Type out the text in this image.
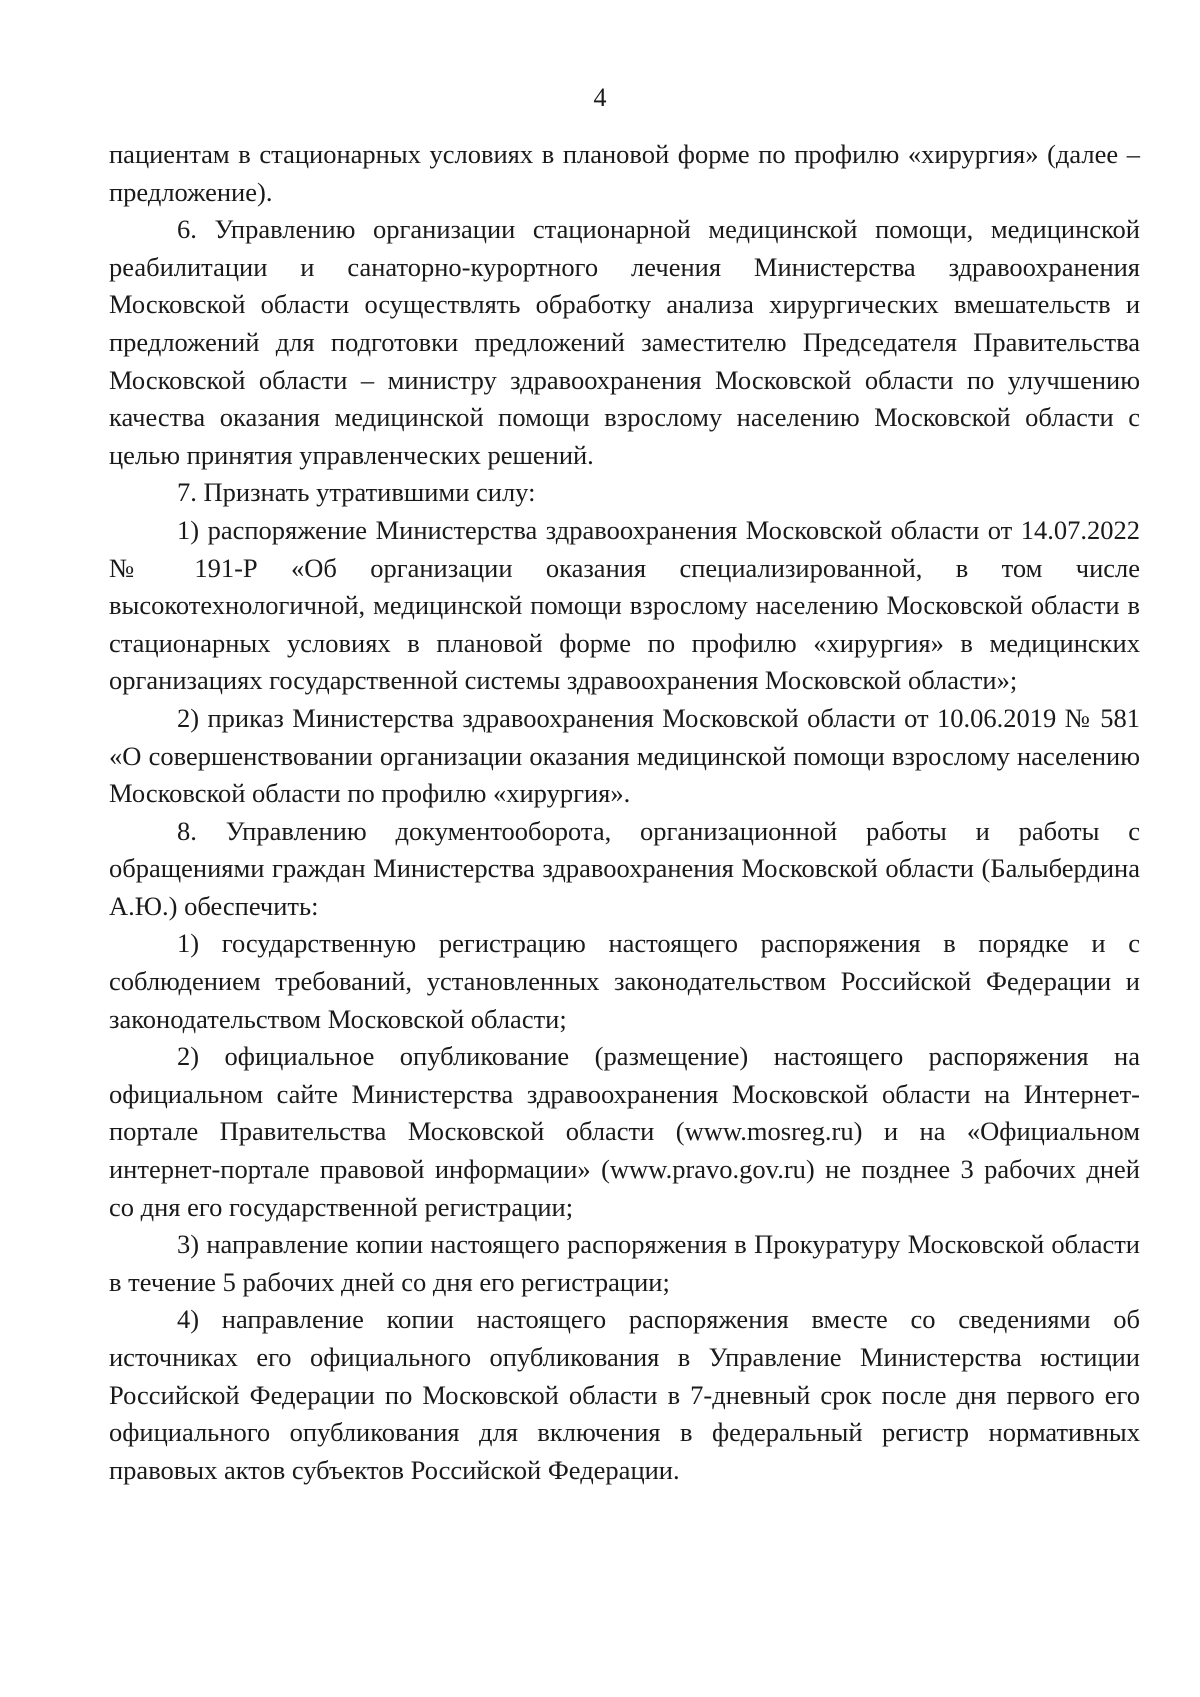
4

пациентам в стационарных условиях в плановой форме по профилю «хирургия» (далее – предложение).

6. Управлению организации стационарной медицинской помощи, медицинской реабилитации и санаторно-курортного лечения Министерства здравоохранения Московской области осуществлять обработку анализа хирургических вмешательств и предложений для подготовки предложений заместителю Председателя Правительства Московской области – министру здравоохранения Московской области по улучшению качества оказания медицинской помощи взрослому населению Московской области с целью принятия управленческих решений.

7. Признать утратившими силу:

1) распоряжение Министерства здравоохранения Московской области от 14.07.2022 № 191-Р «Об организации оказания специализированной, в том числе высокотехнологичной, медицинской помощи взрослому населению Московской области в стационарных условиях в плановой форме по профилю «хирургия» в медицинских организациях государственной системы здравоохранения Московской области»;

2) приказ Министерства здравоохранения Московской области от 10.06.2019 № 581 «О совершенствовании организации оказания медицинской помощи взрослому населению Московской области по профилю «хирургия».

8. Управлению документооборота, организационной работы и работы с обращениями граждан Министерства здравоохранения Московской области (Балыбердина А.Ю.) обеспечить:

1) государственную регистрацию настоящего распоряжения в порядке и с соблюдением требований, установленных законодательством Российской Федерации и законодательством Московской области;

2) официальное опубликование (размещение) настоящего распоряжения на официальном сайте Министерства здравоохранения Московской области на Интернет-портале Правительства Московской области (www.mosreg.ru) и на «Официальном интернет-портале правовой информации» (www.pravo.gov.ru) не позднее 3 рабочих дней со дня его государственной регистрации;

3) направление копии настоящего распоряжения в Прокуратуру Московской области в течение 5 рабочих дней со дня его регистрации;

4) направление копии настоящего распоряжения вместе со сведениями об источниках его официального опубликования в Управление Министерства юстиции Российской Федерации по Московской области в 7-дневный срок после дня первого его официального опубликования для включения в федеральный регистр нормативных правовых актов субъектов Российской Федерации.
